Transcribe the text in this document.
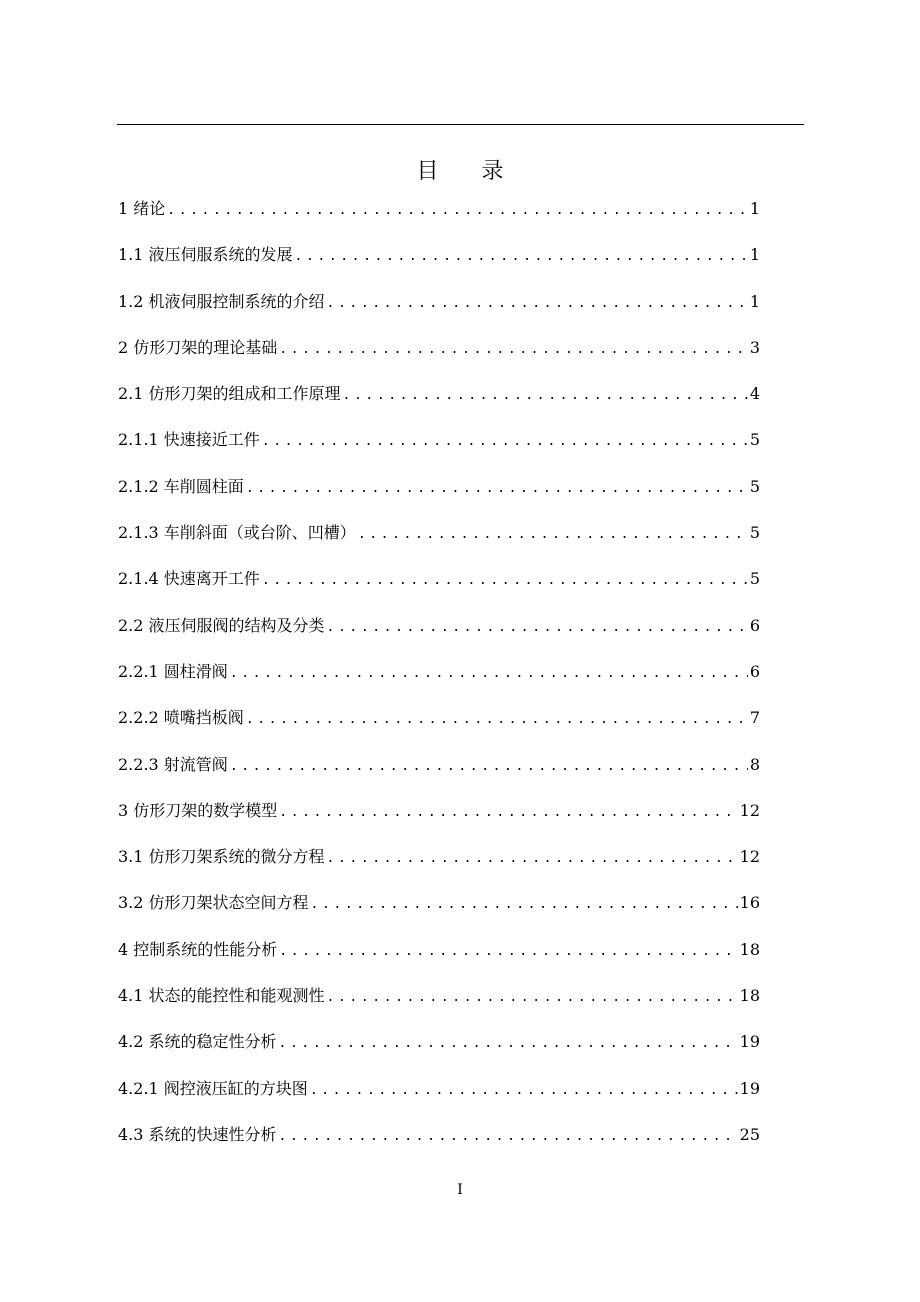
目 录
1 绪论 .....	1
1.1 液压伺服系统的发展 .....	1
1.2 机液伺服控制系统的介绍 .....	1
2 仿形刀架的理论基础 .....	3
2.1 仿形刀架的组成和工作原理 .....	4
2.1.1 快速接近工件 .....	5
2.1.2 车削圆柱面 .....	5
2.1.3 车削斜面（或台阶、凹槽） .....	5
2.1.4 快速离开工件 .....	5
2.2 液压伺服阀的结构及分类 .....	6
2.2.1 圆柱滑阀 .....	6
2.2.2 喷嘴挡板阀 .....	7
2.2.3 射流管阀 .....	8
3 仿形刀架的数学模型 .....	12
3.1 仿形刀架系统的微分方程 .....	12
3.2 仿形刀架状态空间方程 .....	16
4 控制系统的性能分析 .....	18
4.1 状态的能控性和能观测性 .....	18
4.2 系统的稳定性分析 .....	19
4.2.1 阀控液压缸的方块图 .....	19
4.3 系统的快速性分析 .....	25
I
